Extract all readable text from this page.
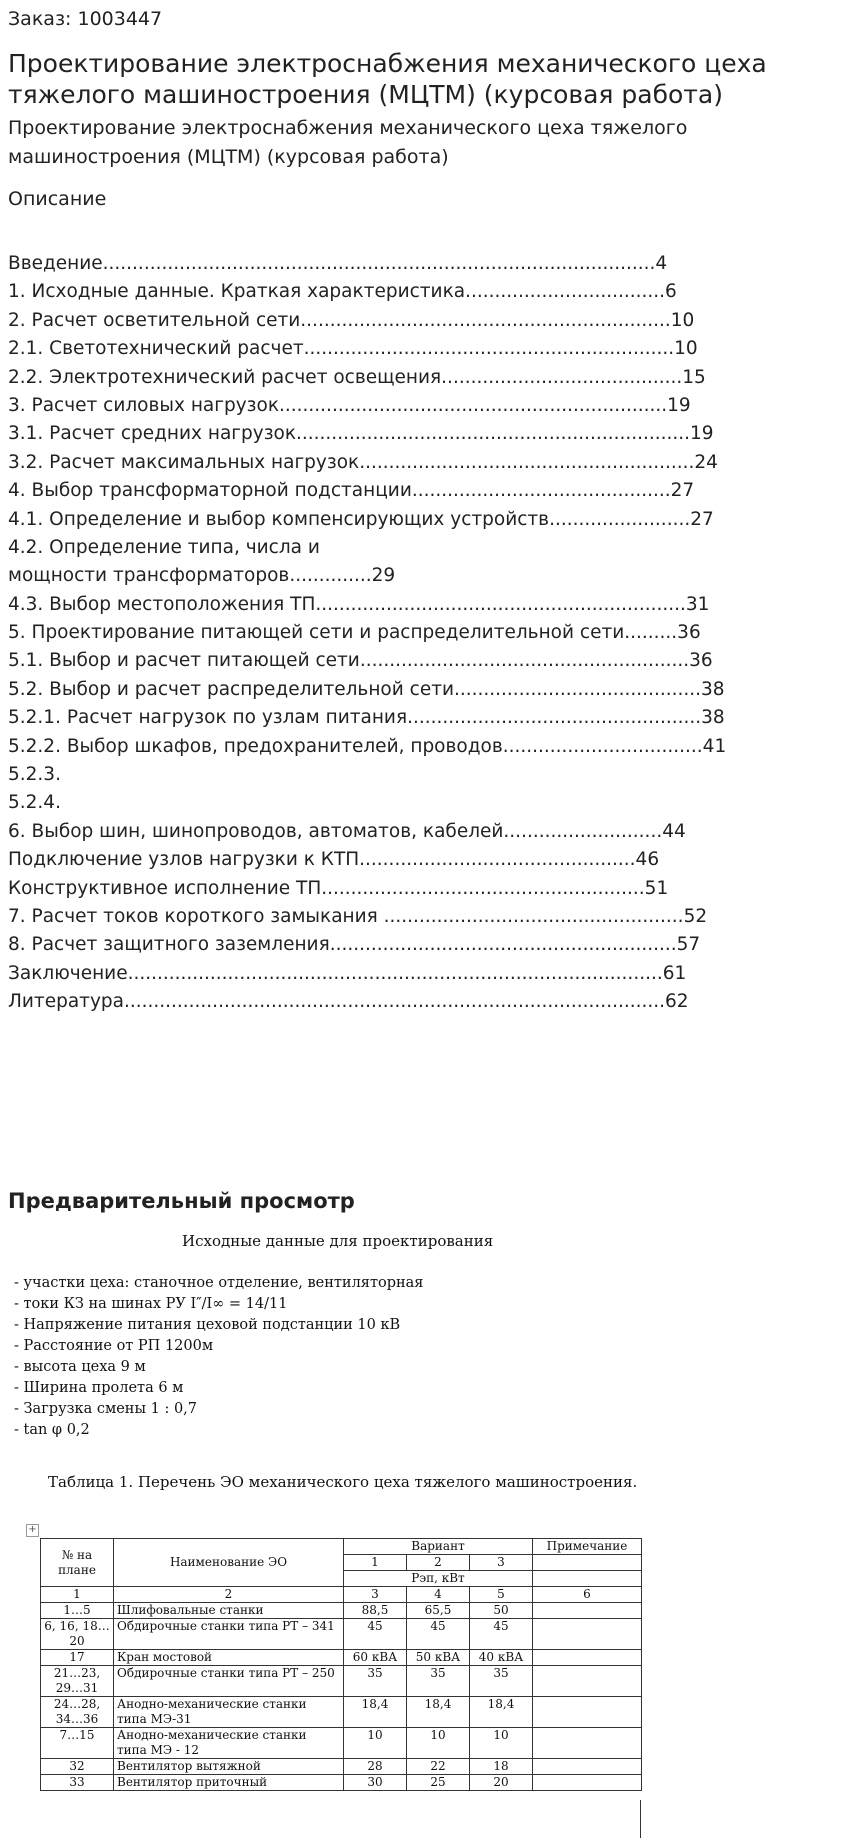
Заказ: 1003447
Проектирование электроснабжения механического цеха тяжелого машиностроения (МЦТМ) (курсовая работа)
Проектирование электроснабжения механического цеха тяжелого машиностроения (МЦТМ) (курсовая работа)
Описание
Введение..............................................................................................4
1. Исходные данные. Краткая характеристика..................................6
2. Расчет осветительной сети...............................................................10
2.1. Светотехнический расчет...............................................................10
2.2. Электротехнический расчет освещения.........................................15
3. Расчет силовых нагрузок..................................................................19
3.1. Расчет средних нагрузок...................................................................19
3.2. Расчет максимальных нагрузок.........................................................24
4. Выбор трансформаторной подстанции............................................27
4.1. Определение и выбор компенсирующих устройств........................27
4.2. Определение типа, числа и
мощности трансформаторов..............29
4.3. Выбор местоположения ТП...............................................................31
5. Проектирование питающей сети и распределительной сети.........36
5.1. Выбор и расчет питающей сети........................................................36
5.2. Выбор и расчет распределительной сети..........................................38
5.2.1. Расчет нагрузок по узлам питания..................................................38
5.2.2. Выбор шкафов, предохранителей, проводов..................................41
5.2.3.
5.2.4.
6. Выбор шин, шинопроводов, автоматов, кабелей...........................44
Подключение узлов нагрузки к КТП...............................................46
Конструктивное исполнение ТП.......................................................51
7. Расчет токов короткого замыкания ...................................................52
8. Расчет защитного заземления...........................................................57
Заключение...........................................................................................61
Литература............................................................................................62
Предварительный просмотр
Исходные данные для проектирования
- участки цеха: станочное отделение, вентиляторная
- токи КЗ на шинах РУ I″/I∞ = 14/11
- Напряжение питания цеховой подстанции 10 кВ
- Расстояние от РП 1200м
- высота цеха 9 м
- Ширина пролета 6 м
- Загрузка смены 1 : 0,7
- tan φ 0,2
Таблица 1. Перечень ЭО механического цеха тяжелого машиностроения.
+
№ на плане	Наименование ЭО	Вариант			Примечание
		1	2	3	
		Рэп, кВт			
1	2	3	4	5	6
1…5	Шлифовальные станки	88,5	65,5	50	
6, 16, 18…20	Обдирочные станки типа РТ – 341	45	45	45	
17	Кран мостовой	60 кВА	50 кВА	40 кВА	
21…23, 29…31	Обдирочные станки типа РТ – 250	35	35	35	
24…28, 34…36	Анодно-механические станки типа МЭ-31	18,4	18,4	18,4	
7…15	Анодно-механические станки типа МЭ - 12	10	10	10	
32	Вентилятор вытяжной	28	22	18	
33	Вентилятор приточный	30	25	20	
